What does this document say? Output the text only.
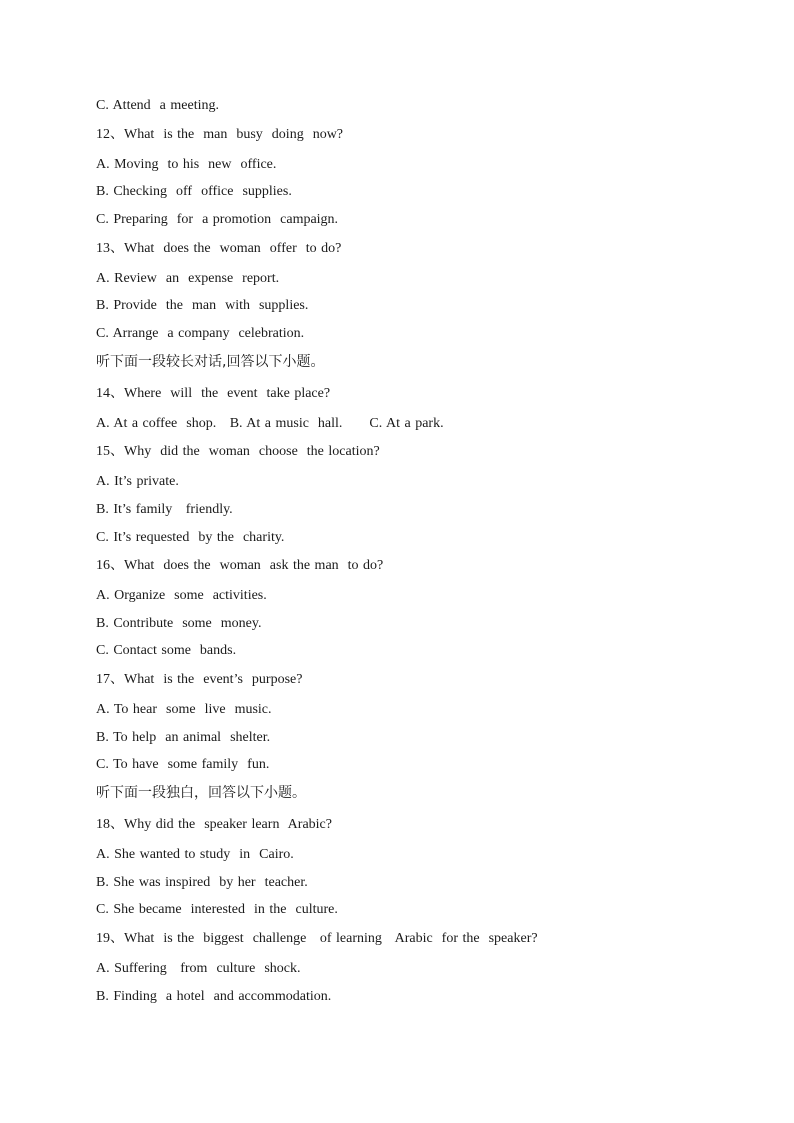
C. Attend  a meeting.
12、What  is the  man  busy  doing  now?
A. Moving  to his  new  office.
B. Checking  off  office  supplies.
C. Preparing  for  a promotion  campaign.
13、What  does the  woman  offer  to do?
A. Review  an  expense  report.
B. Provide  the  man  with  supplies.
C. Arrange  a company  celebration.
听下面一段较长对话,回答以下小题。
14、Where  will  the  event  take place?
A. At a coffee  shop.   B. At a music  hall.      C. At a park.
15、Why  did the  woman  choose  the location?
A. It’s private.
B. It’s family   friendly.
C. It’s requested  by the  charity.
16、What  does the  woman  ask the man  to do?
A. Organize  some  activities.
B. Contribute  some  money.
C. Contact some  bands.
17、What  is the  event’s  purpose?
A. To hear  some  live  music.
B. To help  an animal  shelter.
C. To have  some family  fun.
听下面一段独白，回答以下小题。
18、Why did the  speaker learn  Arabic?
A. She wanted to study  in  Cairo.
B. She was inspired  by her  teacher.
C. She became  interested  in the  culture.
19、What  is the  biggest  challenge   of learning   Arabic  for the  speaker?
A. Suffering   from  culture  shock.
B. Finding  a hotel  and accommodation.
